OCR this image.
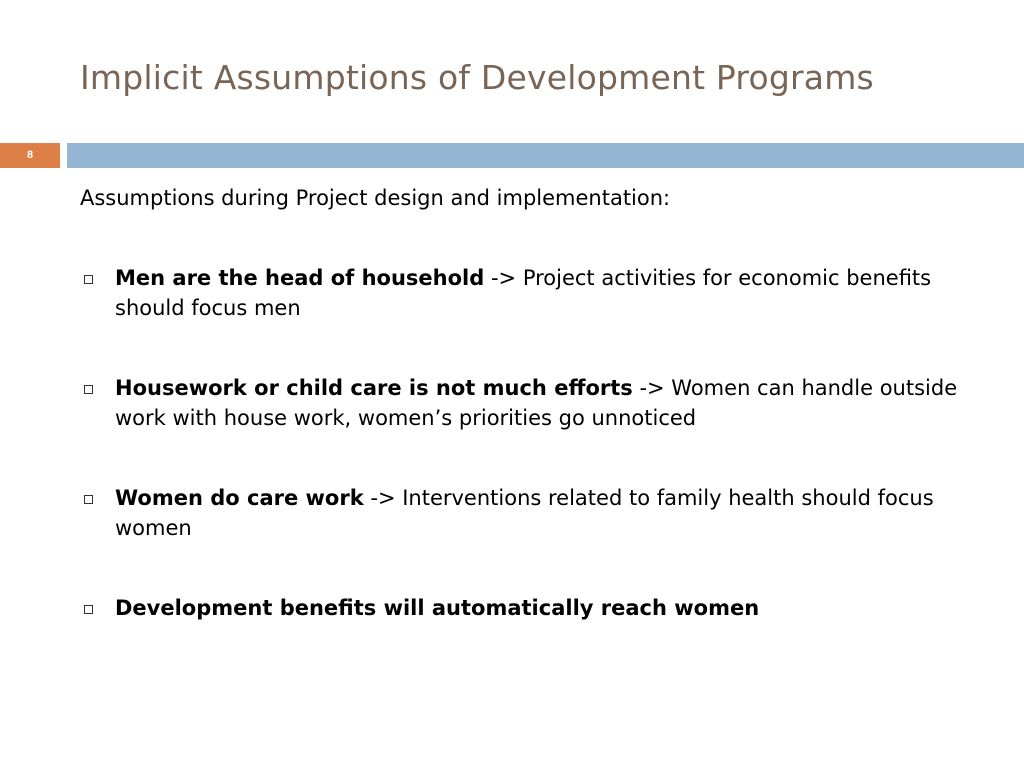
Implicit Assumptions of Development Programs
8

Assumptions during Project design and implementation:

Men are the head of household -> Project activities for economic benefits should focus men
Housework or child care is not much efforts -> Women can handle outside work with house work, women’s priorities go unnoticed
Women do care work -> Interventions related to family health should focus women
Development benefits will automatically reach women
